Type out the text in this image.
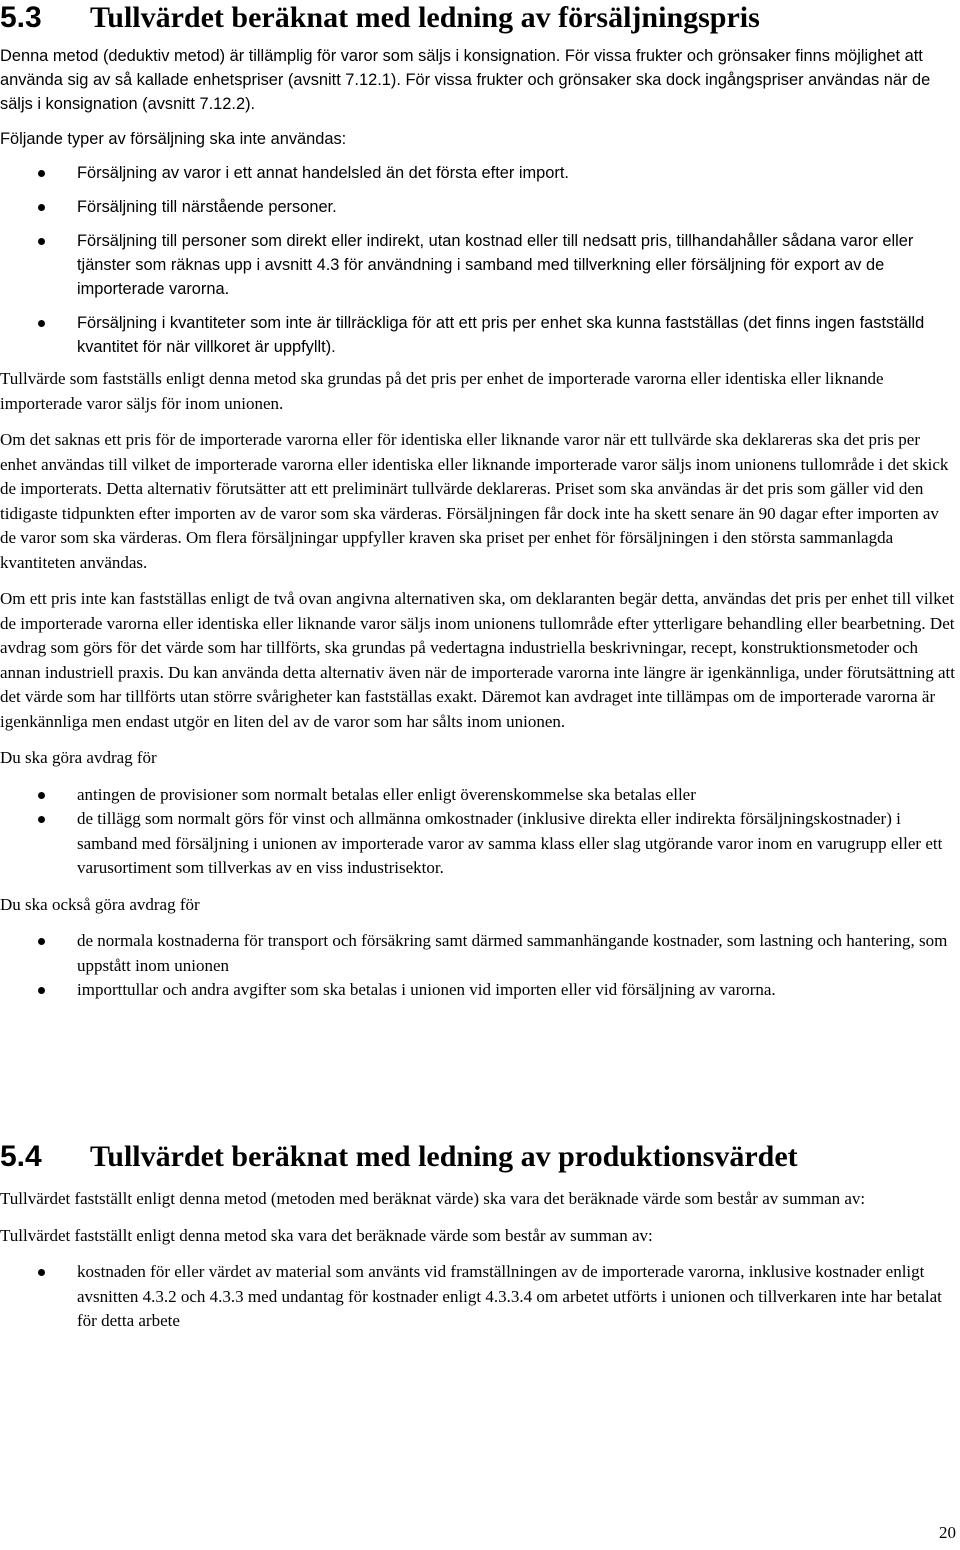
5.3 Tullvärdet beräknat med ledning av försäljningspris

Denna metod (deduktiv metod) är tillämplig för varor som säljs i konsignation. För vissa frukter och grönsaker finns möjlighet att använda sig av så kallade enhetspriser (avsnitt 7.12.1). För vissa frukter och grönsaker ska dock ingångspriser användas när de säljs i konsignation (avsnitt 7.12.2).

Följande typer av försäljning ska inte användas:

Försäljning av varor i ett annat handelsled än det första efter import.
Försäljning till närstående personer.
Försäljning till personer som direkt eller indirekt, utan kostnad eller till nedsatt pris, tillhandahåller sådana varor eller tjänster som räknas upp i avsnitt 4.3 för användning i samband med tillverkning eller försäljning för export av de importerade varorna.
Försäljning i kvantiteter som inte är tillräckliga för att ett pris per enhet ska kunna fastställas (det finns ingen fastställd kvantitet för när villkoret är uppfyllt).

Tullvärde som fastställs enligt denna metod ska grundas på det pris per enhet de importerade varorna eller identiska eller liknande importerade varor säljs för inom unionen.

Om det saknas ett pris för de importerade varorna eller för identiska eller liknande varor när ett tullvärde ska deklareras ska det pris per enhet användas till vilket de importerade varorna eller identiska eller liknande importerade varor säljs inom unionens tullområde i det skick de importerats. Detta alternativ förutsätter att ett preliminärt tullvärde deklareras. Priset som ska användas är det pris som gäller vid den tidigaste tidpunkten efter importen av de varor som ska värderas. Försäljningen får dock inte ha skett senare än 90 dagar efter importen av de varor som ska värderas. Om flera försäljningar uppfyller kraven ska priset per enhet för försäljningen i den största sammanlagda kvantiteten användas.

Om ett pris inte kan fastställas enligt de två ovan angivna alternativen ska, om deklaranten begär detta, användas det pris per enhet till vilket de importerade varorna eller identiska eller liknande varor säljs inom unionens tullområde efter ytterligare behandling eller bearbetning. Det avdrag som görs för det värde som har tillförts, ska grundas på vedertagna industriella beskrivningar, recept, konstruktionsmetoder och annan industriell praxis. Du kan använda detta alternativ även när de importerade varorna inte längre är igenkännliga, under förutsättning att det värde som har tillförts utan större svårigheter kan fastställas exakt. Däremot kan avdraget inte tillämpas om de importerade varorna är igenkännliga men endast utgör en liten del av de varor som har sålts inom unionen.

Du ska göra avdrag för

antingen de provisioner som normalt betalas eller enligt överenskommelse ska betalas eller
de tillägg som normalt görs för vinst och allmänna omkostnader (inklusive direkta eller indirekta försäljningskostnader) i samband med försäljning i unionen av importerade varor av samma klass eller slag utgörande varor inom en varugrupp eller ett varusortiment som tillverkas av en viss industrisektor.

Du ska också göra avdrag för

de normala kostnaderna för transport och försäkring samt därmed sammanhängande kostnader, som lastning och hantering, som uppstått inom unionen
importtullar och andra avgifter som ska betalas i unionen vid importen eller vid försäljning av varorna.
5.4 Tullvärdet beräknat med ledning av produktionsvärdet

Tullvärdet fastställt enligt denna metod (metoden med beräknat värde) ska vara det beräknade värde som består av summan av:

Tullvärdet fastställt enligt denna metod ska vara det beräknade värde som består av summan av:

kostnaden för eller värdet av material som använts vid framställningen av de importerade varorna, inklusive kostnader enligt avsnitten 4.3.2 och 4.3.3 med undantag för kostnader enligt 4.3.3.4 om arbetet utförts i unionen och tillverkaren inte har betalat för detta arbete
20
